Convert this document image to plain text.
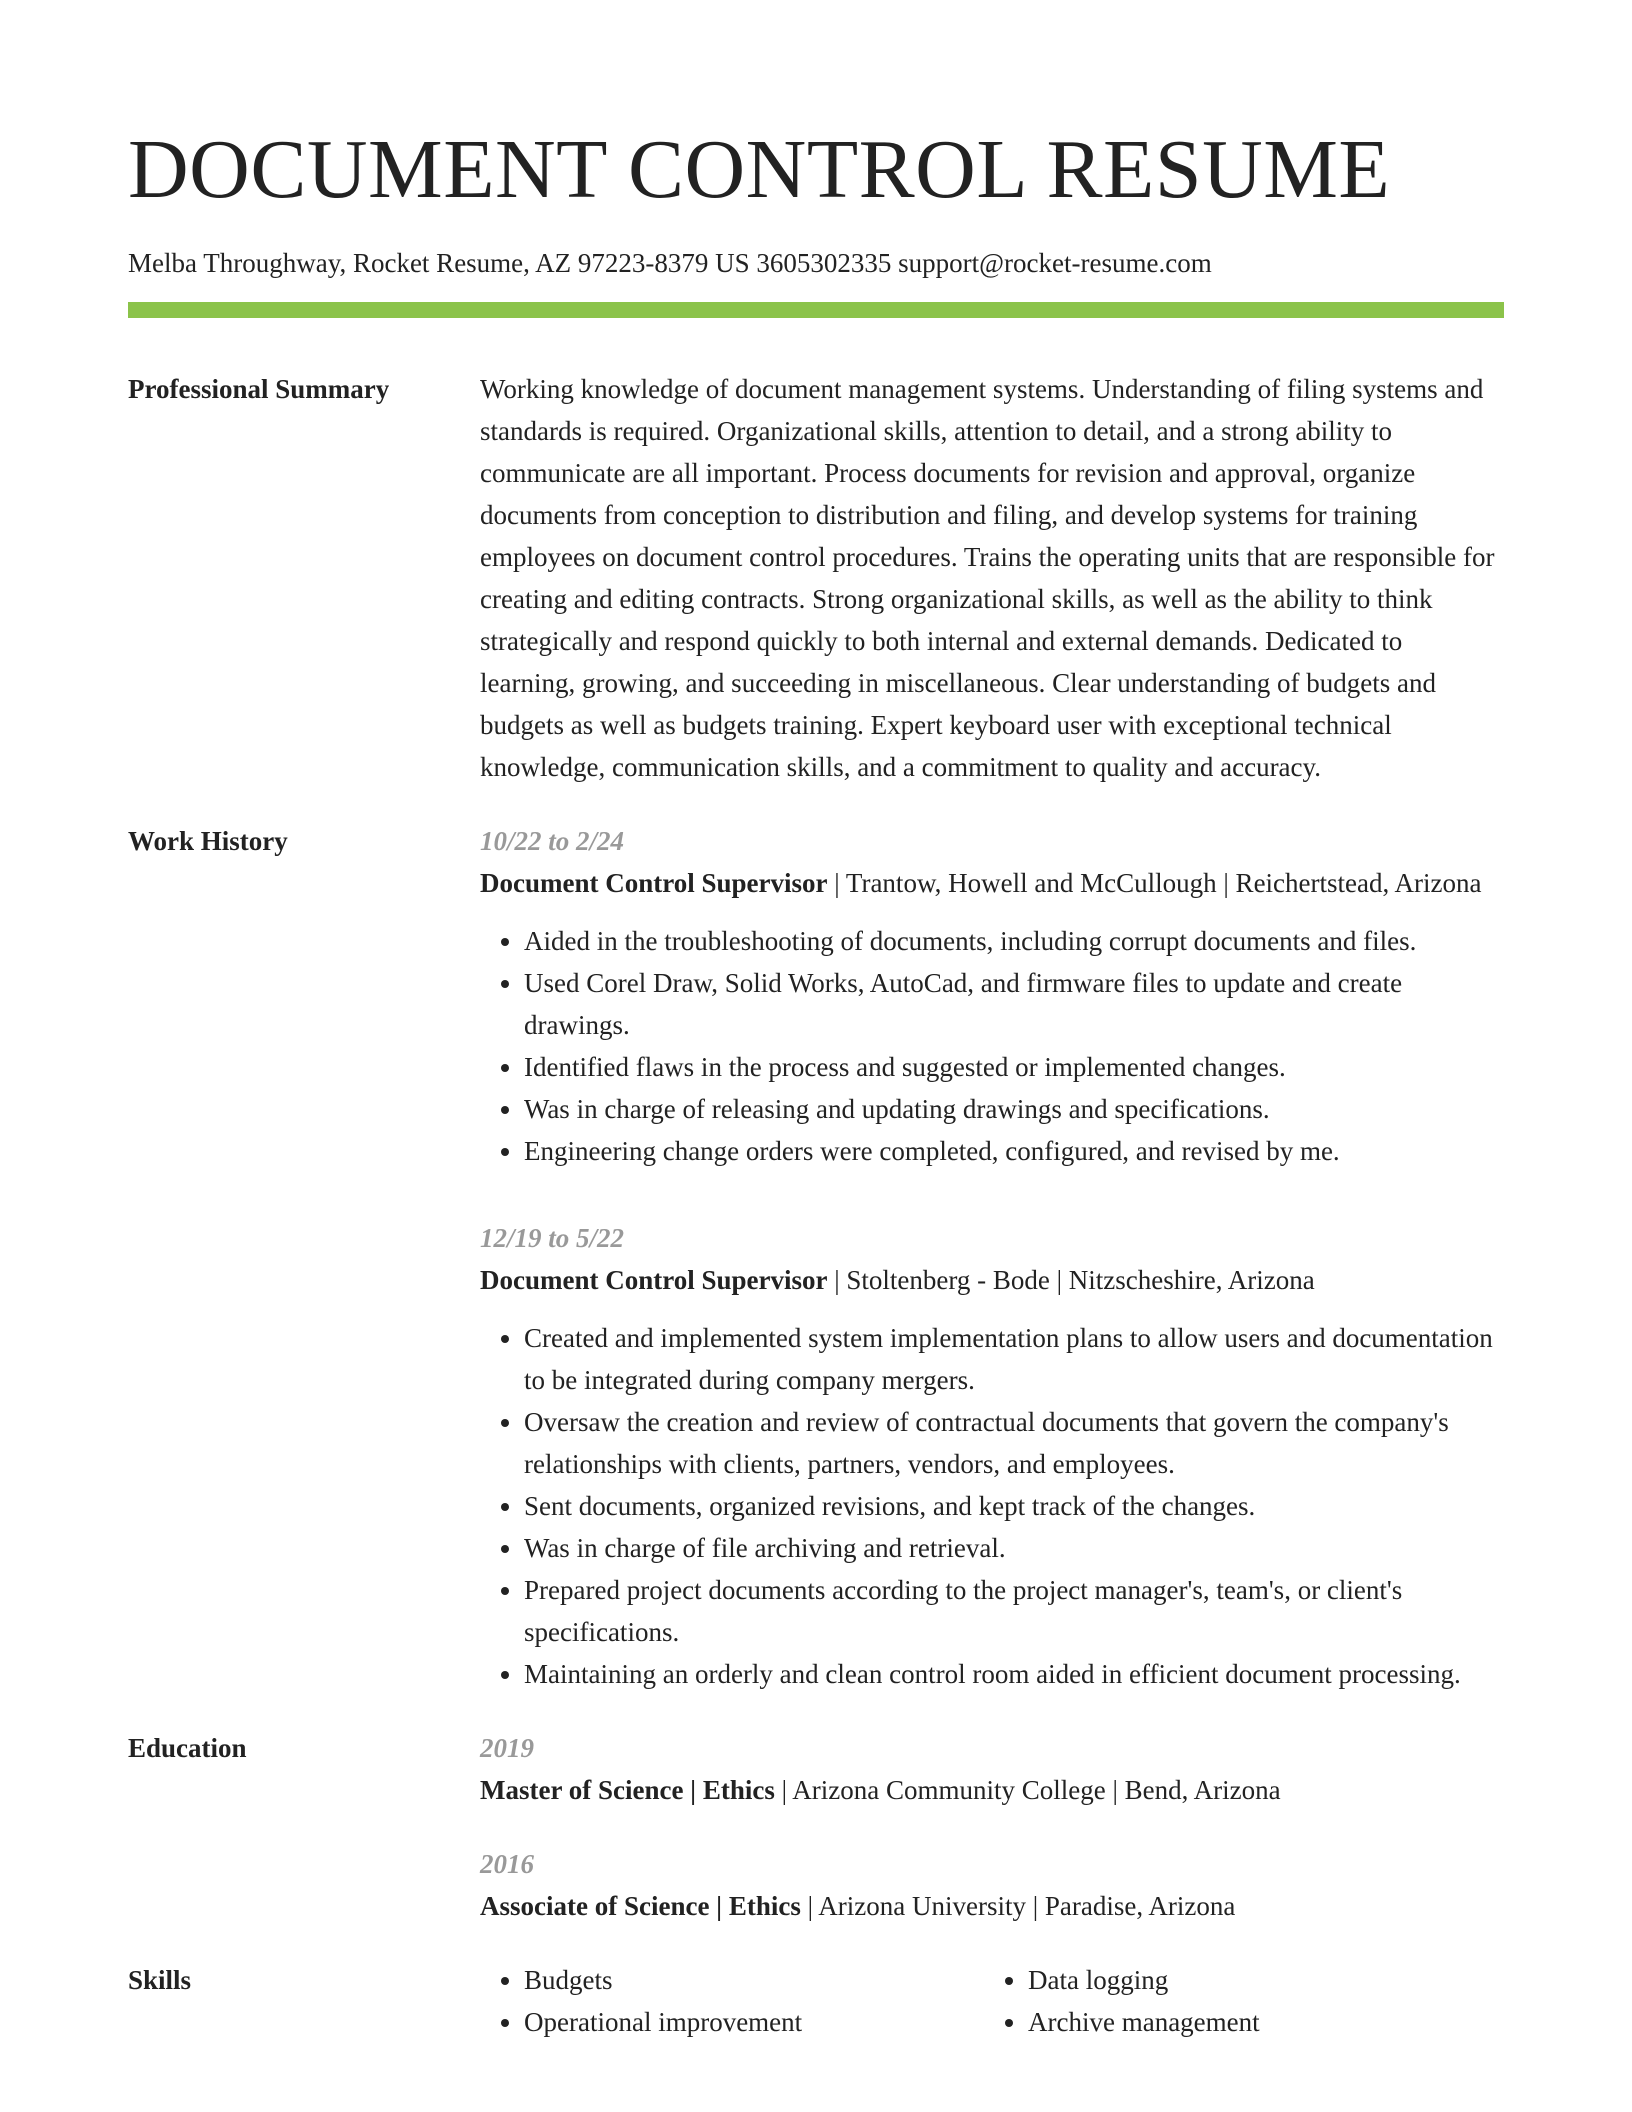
DOCUMENT CONTROL RESUME
Melba Throughway, Rocket Resume, AZ 97223-8379 US 3605302335 support@rocket-resume.com
Professional Summary	Working knowledge of document management systems. Understanding of filing systems and standards is required. Organizational skills, attention to detail, and a strong ability to communicate are all important. Process documents for revision and approval, organize documents from conception to distribution and filing, and develop systems for training employees on document control procedures. Trains the operating units that are responsible for creating and editing contracts. Strong organizational skills, as well as the ability to think strategically and respond quickly to both internal and external demands. Dedicated to learning, growing, and succeeding in miscellaneous. Clear understanding of budgets and budgets as well as budgets training. Expert keyboard user with exceptional technical knowledge, communication skills, and a commitment to quality and accuracy.

Work History	10/22 to 2/24
Document Control Supervisor | Trantow, Howell and McCullough | Reichertstead, Arizona
• Aided in the troubleshooting of documents, including corrupt documents and files.
• Used Corel Draw, Solid Works, AutoCad, and firmware files to update and create drawings.
• Identified flaws in the process and suggested or implemented changes.
• Was in charge of releasing and updating drawings and specifications.
• Engineering change orders were completed, configured, and revised by me.
12/19 to 5/22
Document Control Supervisor | Stoltenberg - Bode | Nitzscheshire, Arizona
• Created and implemented system implementation plans to allow users and documentation to be integrated during company mergers.
• Oversaw the creation and review of contractual documents that govern the company's relationships with clients, partners, vendors, and employees.
• Sent documents, organized revisions, and kept track of the changes.
• Was in charge of file archiving and retrieval.
• Prepared project documents according to the project manager's, team's, or client's specifications.
• Maintaining an orderly and clean control room aided in efficient document processing.
Education	2019
Master of Science | Ethics | Arizona Community College | Bend, Arizona
2016
Associate of Science | Ethics | Arizona University | Paradise, Arizona
Skills
•	Budgets
• Operational improvement
• Data logging
• Archive management
